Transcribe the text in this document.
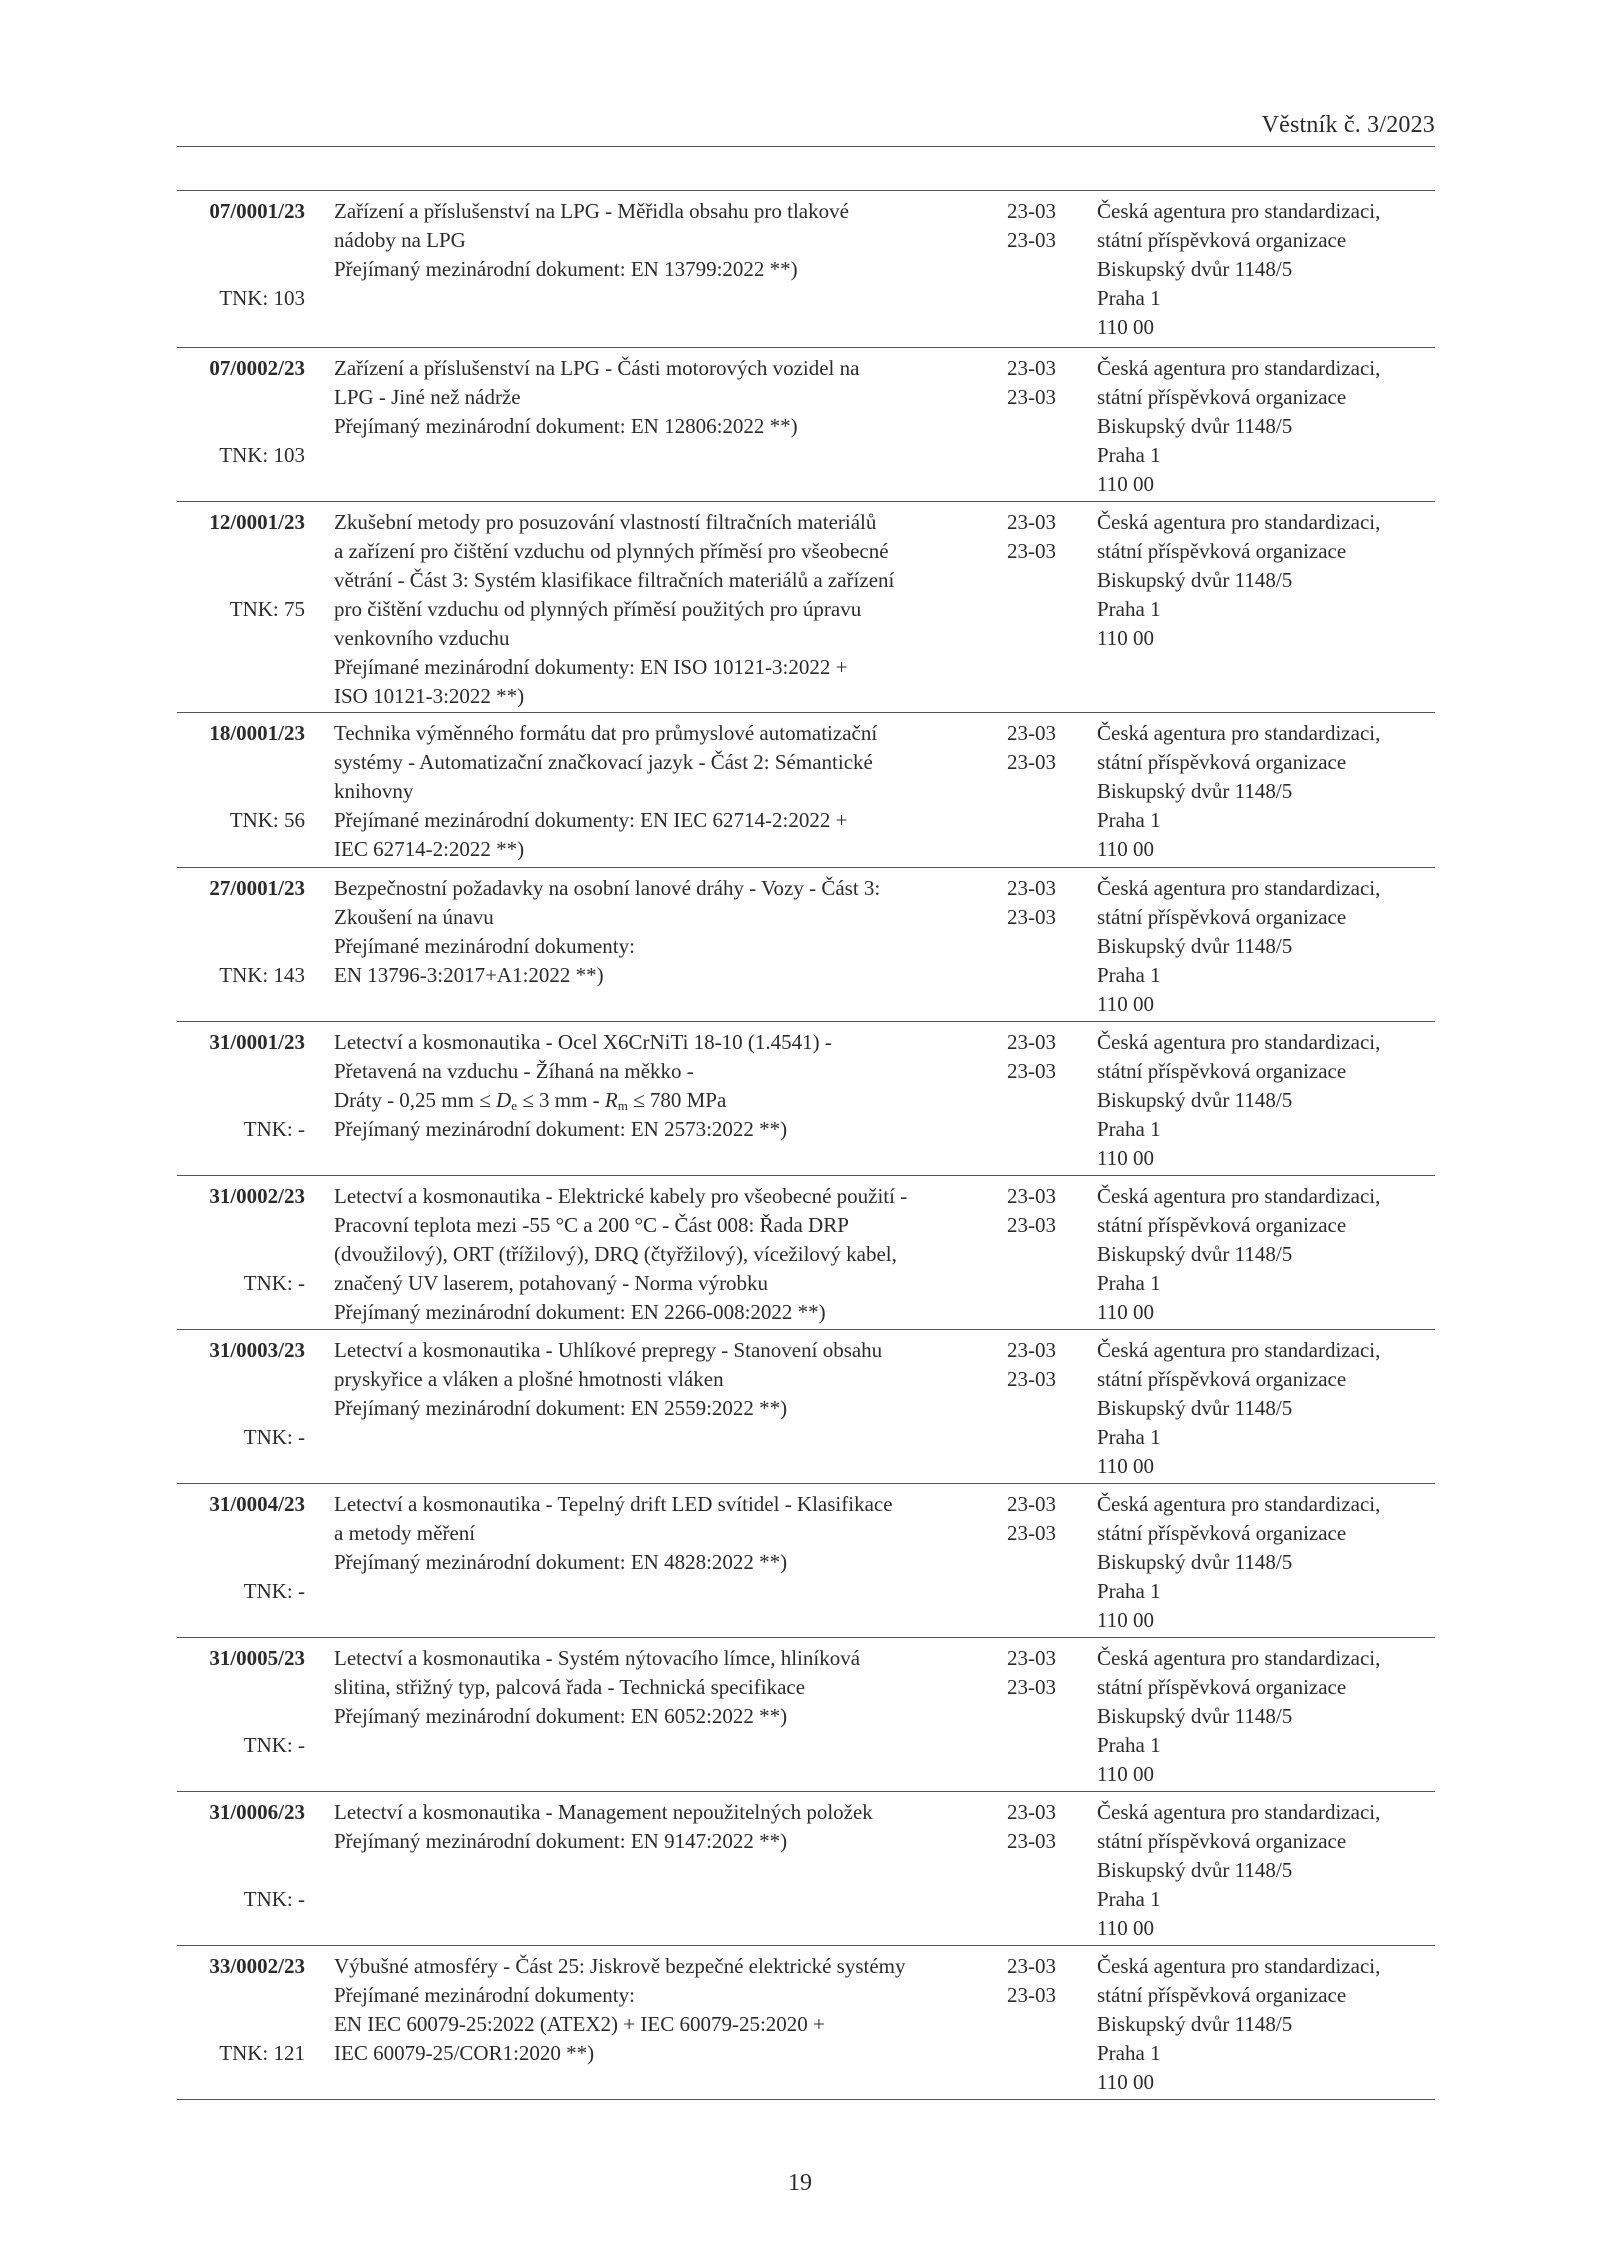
Věstník č. 3/2023
07/0001/23
TNK: 103
Zařízení a příslušenství na LPG - Měřidla obsahu pro tlakové
nádoby na LPG
Přejímaný mezinárodní dokument: EN 13799:2022 **)
23-03
23-03
Česká agentura pro standardizaci,
státní příspěvková organizace
Biskupský dvůr 1148/5
Praha 1
110 00
07/0002/23
TNK: 103
Zařízení a příslušenství na LPG - Části motorových vozidel na
LPG - Jiné než nádrže
Přejímaný mezinárodní dokument: EN 12806:2022 **)
23-03
23-03
Česká agentura pro standardizaci,
státní příspěvková organizace
Biskupský dvůr 1148/5
Praha 1
110 00
12/0001/23
TNK: 75
Zkušební metody pro posuzování vlastností filtračních materiálů
a zařízení pro čištění vzduchu od plynných příměsí pro všeobecné
větrání - Část 3: Systém klasifikace filtračních materiálů a zařízení
pro čištění vzduchu od plynných příměsí použitých pro úpravu
venkovního vzduchu
Přejímané mezinárodní dokumenty: EN ISO 10121-3:2022 +
ISO 10121-3:2022 **)
23-03
23-03
Česká agentura pro standardizaci,
státní příspěvková organizace
Biskupský dvůr 1148/5
Praha 1
110 00
18/0001/23
TNK: 56
Technika výměnného formátu dat pro průmyslové automatizační
systémy - Automatizační značkovací jazyk - Část 2: Sémantické
knihovny
Přejímané mezinárodní dokumenty: EN IEC 62714-2:2022 +
IEC 62714-2:2022 **)
23-03
23-03
Česká agentura pro standardizaci,
státní příspěvková organizace
Biskupský dvůr 1148/5
Praha 1
110 00
27/0001/23
TNK: 143
Bezpečnostní požadavky na osobní lanové dráhy - Vozy - Část 3:
Zkoušení na únavu
Přejímané mezinárodní dokumenty:
EN 13796-3:2017+A1:2022 **)
23-03
23-03
Česká agentura pro standardizaci,
státní příspěvková organizace
Biskupský dvůr 1148/5
Praha 1
110 00
31/0001/23
TNK: -
Letectví a kosmonautika - Ocel X6CrNiTi 18-10 (1.4541) -
Přetavená na vzduchu - Žíhaná na měkko -
Dráty - 0,25 mm ≤ $D_e \le 3$ mm - $R_m \le 780$ MPa
Přejímaný mezinárodní dokument: EN 2573:2022 **)
23-03
23-03
Česká agentura pro standardizaci,
státní příspěvková organizace
Biskupský dvůr 1148/5
Praha 1
110 00
31/0002/23
TNK: -
Letectví a kosmonautika - Elektrické kabely pro všeobecné použití -
Pracovní teplota mezi -55 °C a 200 °C - Část 008: Řada DRP
(dvoužilový), ORT (třížilový), DRQ (čtyřžilový), vícežilový kabel,
značený UV laserem, potahovaný - Norma výrobku
Přejímaný mezinárodní dokument: EN 2266-008:2022 **)
23-03
23-03
Česká agentura pro standardizaci,
státní příspěvková organizace
Biskupský dvůr 1148/5
Praha 1
110 00
31/0003/23
TNK: -
Letectví a kosmonautika - Uhlíkové prepregy - Stanovení obsahu
pryskyřice a vláken a plošné hmotnosti vláken
Přejímaný mezinárodní dokument: EN 2559:2022 **)
23-03
23-03
Česká agentura pro standardizaci,
státní příspěvková organizace
Biskupský dvůr 1148/5
Praha 1
110 00
31/0004/23
TNK: -
Letectví a kosmonautika - Tepelný drift LED svítidel - Klasifikace
a metody měření
Přejímaný mezinárodní dokument: EN 4828:2022 **)
23-03
23-03
Česká agentura pro standardizaci,
státní příspěvková organizace
Biskupský dvůr 1148/5
Praha 1
110 00
31/0005/23
TNK: -
Letectví a kosmonautika - Systém nýtovacího límce, hliníková
slitina, střižný typ, palcová řada - Technická specifikace
Přejímaný mezinárodní dokument: EN 6052:2022 **)
23-03
23-03
Česká agentura pro standardizaci,
státní příspěvková organizace
Biskupský dvůr 1148/5
Praha 1
110 00
31/0006/23
TNK: -
Letectví a kosmonautika - Management nepoužitelných položek
Přejímaný mezinárodní dokument: EN 9147:2022 **)
23-03
23-03
Česká agentura pro standardizaci,
státní příspěvková organizace
Biskupský dvůr 1148/5
Praha 1
110 00
33/0002/23
TNK: 121
Výbušné atmosféry - Část 25: Jiskrově bezpečné elektrické systémy
Přejímané mezinárodní dokumenty:
EN IEC 60079-25:2022 (ATEX2) + IEC 60079-25:2020 +
IEC 60079-25/COR1:2020 **)
23-03
23-03
Česká agentura pro standardizaci,
státní příspěvková organizace
Biskupský dvůr 1148/5
Praha 1
110 00
19
